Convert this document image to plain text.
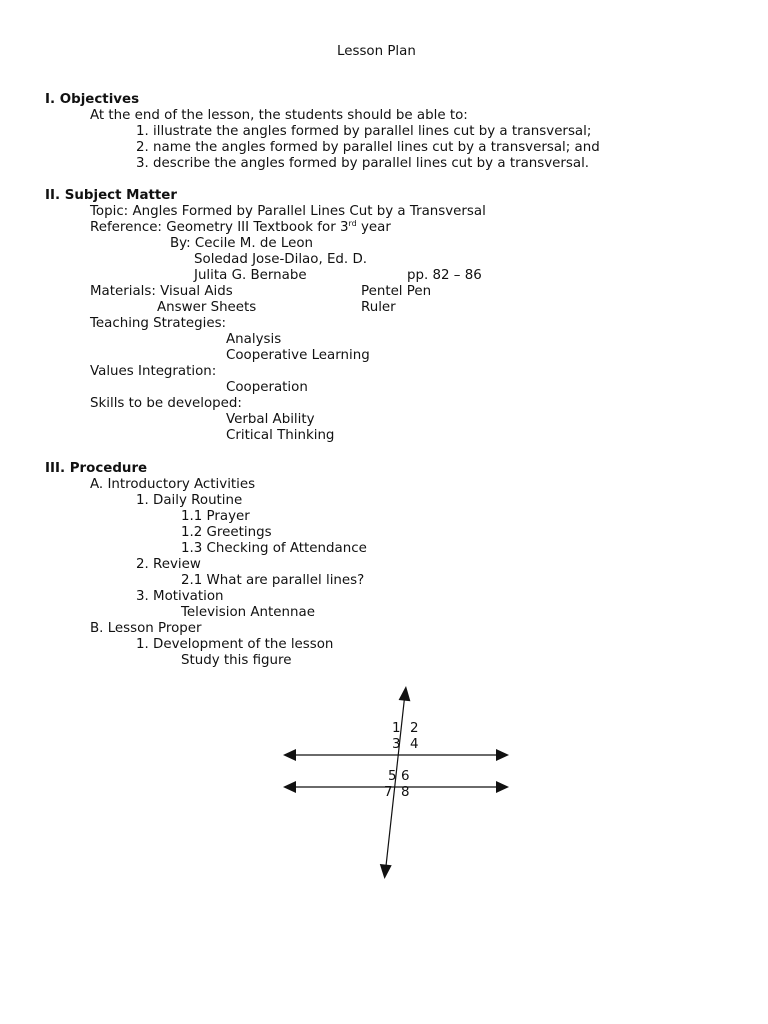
Lesson Plan
I. Objectives
At the end of the lesson, the students should be able to:
1. illustrate the angles formed by parallel lines cut by a transversal;
2. name the angles formed by parallel lines cut by a transversal; and
3. describe the angles formed by parallel lines cut by a transversal.
II. Subject Matter
Topic: Angles Formed by Parallel Lines Cut by a Transversal
Reference: Geometry III Textbook for 3rd year
By: Cecile M. de Leon
Soledad Jose-Dilao, Ed. D.
Julita G. Bernabe	pp. 82 – 86
Materials: Visual Aids	Pentel Pen
Answer Sheets	Ruler
Teaching Strategies:
Analysis
Cooperative Learning
Values Integration:
Cooperation
Skills to be developed:
Verbal Ability
Critical Thinking
III. Procedure
A. Introductory Activities
1. Daily Routine
1.1 Prayer
1.2 Greetings
1.3 Checking of Attendance
2. Review
2.1 What are parallel lines?
3. Motivation
Television Antennae
B. Lesson Proper
1. Development of the lesson
Study this figure
1 2
3 4
5 6
7 8
